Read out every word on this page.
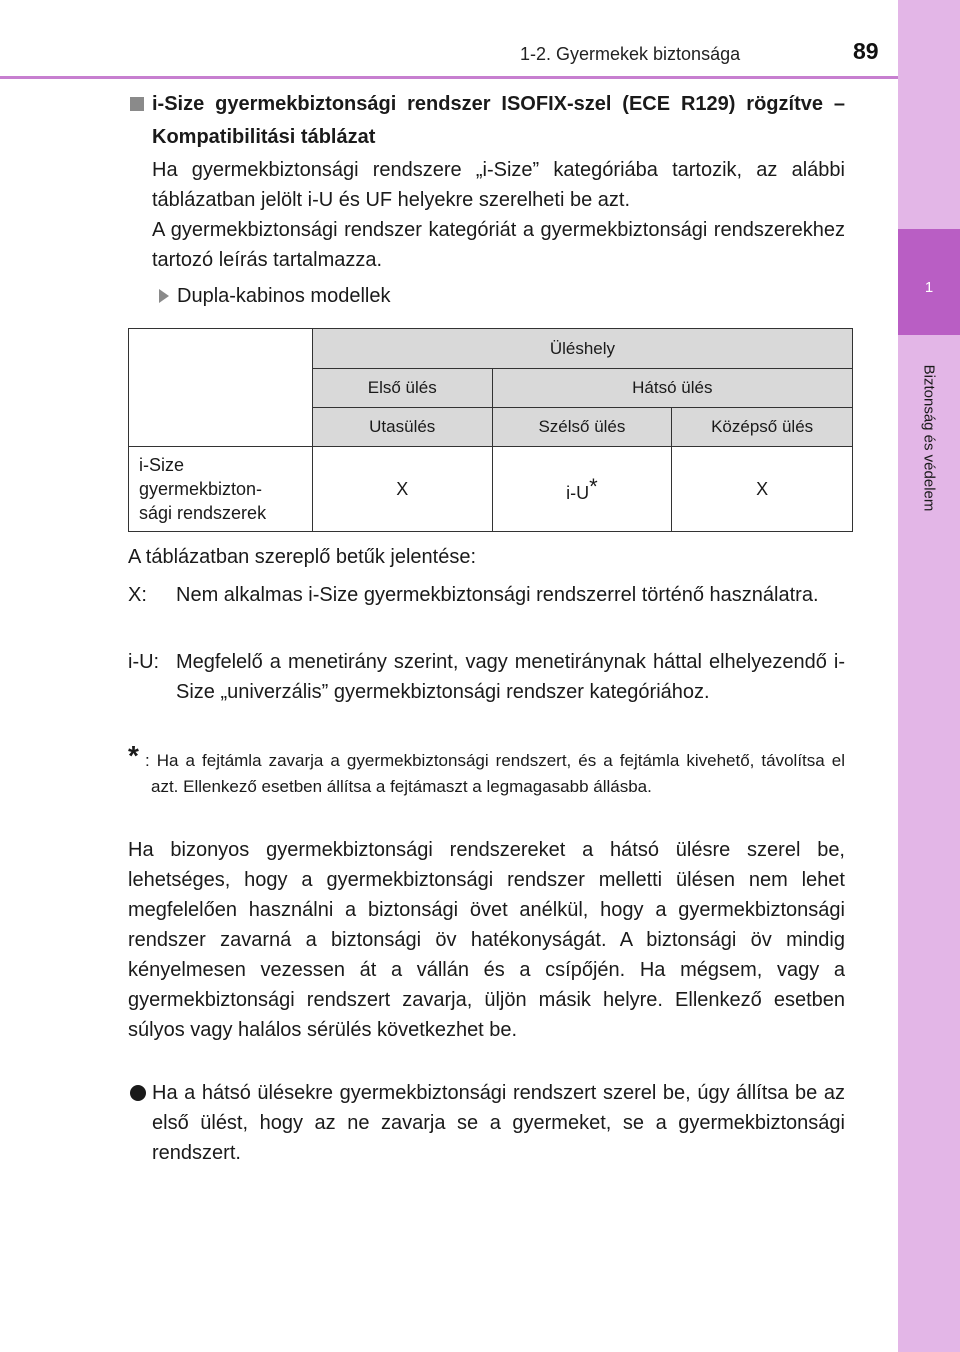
1-2. Gyermekek biztonsága	89
1
Biztonság és védelem
i-Size gyermekbiztonsági rendszer ISOFIX-szel (ECE R129) rögzítve – Kompatibilitási táblázat
Ha gyermekbiztonsági rendszere „i-Size” kategóriába tartozik, az alábbi táblázatban jelölt i-U és UF helyekre szerelheti be azt.
A gyermekbiztonsági rendszer kategóriát a gyermekbiztonsági rendszerekhez tartozó leírás tartalmazza.
Dupla-kabinos modellek
	Üléshely		
	Első ülés	Hátsó ülés	
	Utasülés	Szélső ülés	Középső ülés

i-Size
gyermekbizton-
sági rendszerek	X	i-U*	X
A táblázatban szereplő betűk jelentése:
X: Nem alkalmas i-Size gyermekbiztonsági rendszerrel történő használatra.
i-U: Megfelelő a menetirány szerint, vagy menetiránynak háttal elhelyezendő i-Size „univerzális” gyermekbiztonsági rendszer kategóriához.
* : Ha a fejtámla zavarja a gyermekbiztonsági rendszert, és a fejtámla kivehető, távolítsa el azt. Ellenkező esetben állítsa a fejtámaszt a legmagasabb állásba.
Ha bizonyos gyermekbiztonsági rendszereket a hátsó ülésre szerel be, lehetséges, hogy a gyermekbiztonsági rendszer melletti ülésen nem lehet megfelelően használni a biztonsági övet anélkül, hogy a gyermekbiztonsági rendszer zavarná a biztonsági öv hatékonyságát. A biztonsági öv mindig kényelmesen vezessen át a vállán és a csípőjén. Ha mégsem, vagy a gyermekbiztonsági rendszert zavarja, üljön másik helyre. Ellenkező esetben súlyos vagy halálos sérülés következhet be.
Ha a hátsó ülésekre gyermekbiztonsági rendszert szerel be, úgy állítsa be az első ülést, hogy az ne zavarja se a gyermeket, se a gyermekbiztonsági rendszert.
